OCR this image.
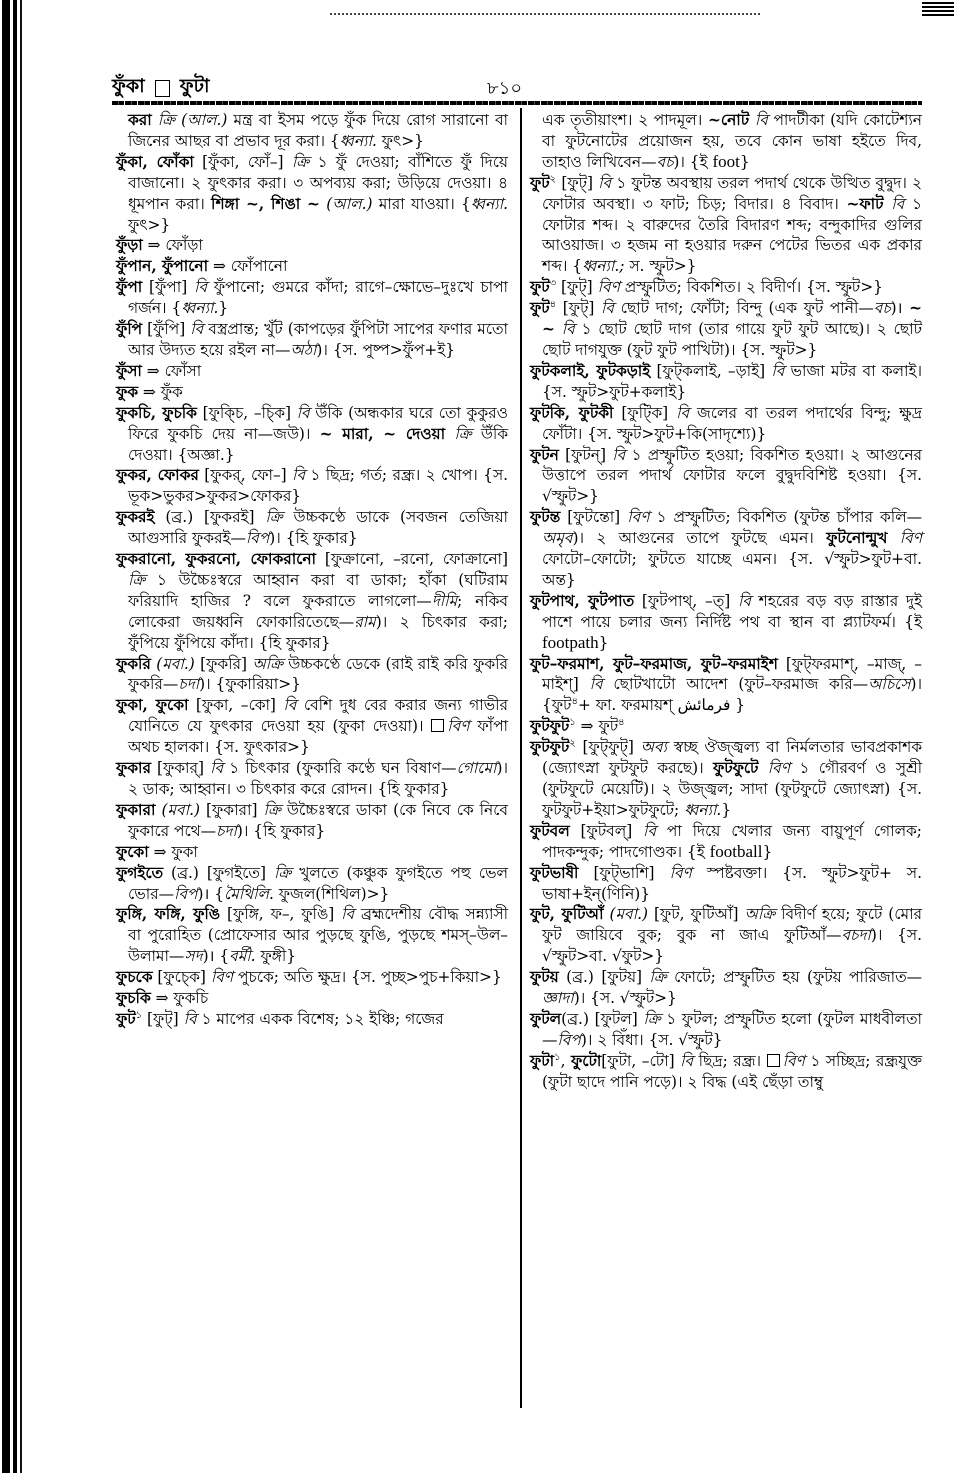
ফুঁকা ফুটা	৮১০

করা ক্রি (আল.) মন্ত্র বা ইসম পড়ে ফুঁক দিয়ে রোগ সারানো বা জিনের আছর বা প্রভাব দূর করা। {ধ্বন্যা. ফুৎ>}

ফুঁকা, ফোঁকা [ফুঁকা, ফোঁ–] ক্রি ১ ফুঁ দেওয়া; বাঁশিতে ফুঁ দিয়ে বাজানো। ২ ফুৎকার করা। ৩ অপব্যয় করা; উড়িয়ে দেওয়া। ৪ ধূমপান করা। শিঙ্গা ~, শিঙা ~ (আল.) মারা যাওয়া। {ধ্বন্যা. ফুৎ>}

ফুঁড়া ⇒ ফোঁড়া

ফুঁপান, ফুঁপানো ⇒ ফোঁপানো

ফুঁপা [ফুঁপা] বি ফুঁপানো; গুমরে কাঁদা; রাগে–ক্ষোভে–দুঃখে চাপা গর্জন। {ধ্বন্যা.}

ফুঁপি [ফুঁপি] বি বস্ত্রপ্রান্ত; খুঁট (কাপড়ের ফুঁপিটা সাপের ফণার মতো আর উদ্যত হয়ে রইল না—অঠা)। {স. পুষ্প>ফুঁপ+ই}

ফুঁসা ⇒ ফোঁসা

ফুক ⇒ ফুঁক

ফুকচি, ফুচকি [ফুক্চি, –চ্কি] বি উঁকি (অন্ধকার ঘরে তো কুকুরও ফিরে ফুকচি দেয় না—জউ)। ~ মারা, ~ দেওয়া ক্রি উঁকি দেওয়া। {অজ্ঞা.}

ফুকর, ফোকর [ফুকর্, ফো–] বি ১ ছিদ্র; গর্ত; রন্ধ্র। ২ খোপ। {স. ভূক>ভুকর>ফুকর>ফোকর}

ফুকরই (ব্র.) [ফুকরই] ক্রি উচ্চকণ্ঠে ডাকে (সবজন তেজিয়া আগুসারি ফুকরই—বিপ)। {হি ফুকার}

ফুকরানো, ফুকরনো, ফোকরানো [ফুক্রানো, –রনো, ফোক্রানো] ক্রি ১ উচ্চৈঃস্বরে আহ্বান করা বা ডাকা; হাঁকা (ঘটিরাম ফরিয়াদি হাজির ? বলে ফুকরাতে লাগলো—দীমি; নকিব লোকেরা জয়ধ্বনি ফোকারিতেছে—রাম)। ২ চিৎকার করা; ফুঁপিয়ে ফুঁপিয়ে কাঁদা। {হি ফুকার}

ফুকরি (মবা.) [ফুকরি] অক্রি উচ্চকণ্ঠে ডেকে (রাই রাই করি ফুকরি ফুকরি—চদা)। {ফুকারিয়া>}

ফুকা, ফুকো [ফুকা, –কো] বি বেশি দুধ বের করার জন্য গাভীর যোনিতে যে ফুৎকার দেওয়া হয় (ফুকা দেওয়া)। বিণ ফাঁপা অথচ হালকা। {স. ফুৎকার>}

ফুকার [ফুকার্] বি ১ চিৎকার (ফুকারি কণ্ঠে ঘন বিষাণ—গোমো)। ২ ডাক; আহ্বান। ৩ চিৎকার করে রোদন। {হি ফুকার}

ফুকারা (মবা.) [ফুকারা] ক্রি উচ্চৈঃস্বরে ডাকা (কে নিবে কে নিবে ফুকারে পথে—চদা)। {হি ফুকার}

ফুকো ⇒ ফুকা

ফুগইতে (ব্র.) [ফুগইতে] ক্রি খুলতে (কঞ্চুক ফুগইতে পহু ভেল ভোর—বিপ)। {মৈথিলি. ফুজল(শিথিল)>}

ফুঙ্গি, ফঙ্গি, ফুঙি [ফুঙ্গি, ফ–, ফুঙি] বি ব্রহ্মদেশীয় বৌদ্ধ সন্ন্যাসী বা পুরোহিত (প্রোফেসার আর পুড়ছে ফুঙি, পুড়ছে শমস্–উল–উলামা—সদ)। {বর্মী. ফুঙ্গী}

ফুচকে [ফুচ্কে] বিণ পুচকে; অতি ক্ষুদ্র। {স. পুচ্ছ>পুচ+কিয়া>}

ফুচকি ⇒ ফুকচি

ফুট$^১$ [ফুট্] বি ১ মাপের একক বিশেষ; ১২ ইঞ্চি; গজের

এক তৃতীয়াংশ। ২ পাদমূল। ~নোট বি পাদটীকা (যদি কোটেশ্যন বা ফুটনোটের প্রয়োজন হয়, তবে কোন ভাষা হইতে দিব, তাহাও লিখিবেন—বচ)। {ই foot}

ফুট$^২$ [ফুট্] বি ১ ফুটন্ত অবস্থায় তরল পদার্থ থেকে উত্থিত বুদ্বুদ। ২ ফোটার অবস্থা। ৩ ফাট; চিড়; বিদার। ৪ বিবাদ। ~ফাট বি ১ ফোটার শব্দ। ২ বারুদের তৈরি বিদারণ শব্দ; বন্দুকাদির গুলির আওয়াজ। ৩ হজম না হওয়ার দরুন পেটের ভিতর এক প্রকার শব্দ। {ধ্বন্যা.; স. স্ফুট>}

ফুট$^৩$ [ফুট্] বিণ প্রস্ফুটিত; বিকশিত। ২ বিদীর্ণ। {স. স্ফুট>}

ফুট$^৪$ [ফুট্] বি ছোট দাগ; ফোঁটা; বিন্দু (এক ফুট পানী—বচ)। ~ ~ বি ১ ছোট ছোট দাগ (তার গায়ে ফুট ফুট আছে)। ২ ছোট ছোট দাগযুক্ত (ফুট ফুট পাখিটা)। {স. স্ফুট>}

ফুটকলাই, ফুটকড়াই [ফুট্কলাই, –ড়াই] বি ভাজা মটর বা কলাই। {স. স্ফুট>ফুট+কলাই}

ফুটকি, ফুটকী [ফুট্কি] বি জলের বা তরল পদার্থের বিন্দু; ক্ষুদ্র ফোঁটা। {স. স্ফুট>ফুট+কি(সাদৃশ্যে)}

ফুটন [ফুটন্] বি ১ প্রস্ফুটিত হওয়া; বিকশিত হওয়া। ২ আগুনের উত্তাপে তরল পদার্থ ফোটার ফলে বুদ্বুদবিশিষ্ট হওয়া। {স. √স্ফুট>}

ফুটন্ত [ফুটন্তো] বিণ ১ প্রস্ফুটিত; বিকশিত (ফুটন্ত চাঁপার কলি—অমৃব)। ২ আগুনের তাপে ফুটছে এমন। ফুটনোন্মুখ বিণ ফোটো–ফোটো; ফুটতে যাচ্ছে এমন। {স. √স্ফুট>ফুট+বা. অন্ত}

ফুটপাথ, ফুটপাত [ফুটপাথ্, –ত্] বি শহরের বড় বড় রাস্তার দুই পাশে পায়ে চলার জন্য নির্দিষ্ট পথ বা স্থান বা প্ল্যাটফর্ম। {ই footpath}

ফুট–ফরমাশ, ফুট–ফরমাজ, ফুট–ফরমাইশ [ফুট্ফরমাশ্, –মাজ্, –মাইশ্] বি ছোটখাটো আদেশ (ফুট–ফরমাজ করি—অচিসে)। {ফুট$^৪$+ ফা. ফরমায়শ্ فرمائش }

ফুটফুট$^১$ ⇒ ফুট$^৪$

ফুটফুট$^২$ [ফুট্ফুট্] অব্য স্বচ্ছ ঔজ্জ্বল্য বা নির্মলতার ভাবপ্রকাশক (জ্যোৎস্না ফুটফুট করছে)। ফুটফুটে বিণ ১ গৌরবর্ণ ও সুশ্রী (ফুটফুটে মেয়েটি)। ২ উজ্জ্বল; সাদা (ফুটফুটে জ্যোৎস্না) {স. ফুটফুট+ইয়া>ফুটফুটে; ধ্বন্যা.}

ফুটবল [ফুটবল্] বি পা দিয়ে খেলার জন্য বায়ুপূর্ণ গোলক; পাদকন্দুক; পাদগোণ্ডক। {ই football}

ফুটভাষী [ফুট্ভাশি] বিণ স্পষ্টবক্তা। {স. স্ফুট>ফুট+ স. ভাষা+ইন্(ণিনি)}

ফুট, ফুটিআঁ (মবা.) [ফুট, ফুটিআঁ] অক্রি বিদীর্ণ হয়ে; ফুটে (মোর ফুট জায়িবে বুক; বুক না জাএ ফুটিআঁ—বচদা)। {স. √স্ফুট>বা. √ফুট>}

ফুটয় (ব্র.) [ফুটয়] ক্রি ফোটে; প্রস্ফুটিত হয় (ফুটয় পারিজাত—জ্ঞাদা)। {স. √স্ফুট>}

ফুটল(ব্র.) [ফুটল] ক্রি ১ ফুটল; প্রস্ফুটিত হলো (ফুটল মাধবীলতা—বিপ)। ২ বিঁধা। {স. √স্ফুট}

ফুটা$^১$, ফুটো[ফুটা, –টো] বি ছিদ্র; রন্ধ্র। বিণ ১ সচ্ছিদ্র; রন্ধ্রযুক্ত (ফুটা ছাদে পানি পড়ে)। ২ বিদ্ধ (এই ছেঁড়া তাম্বু
